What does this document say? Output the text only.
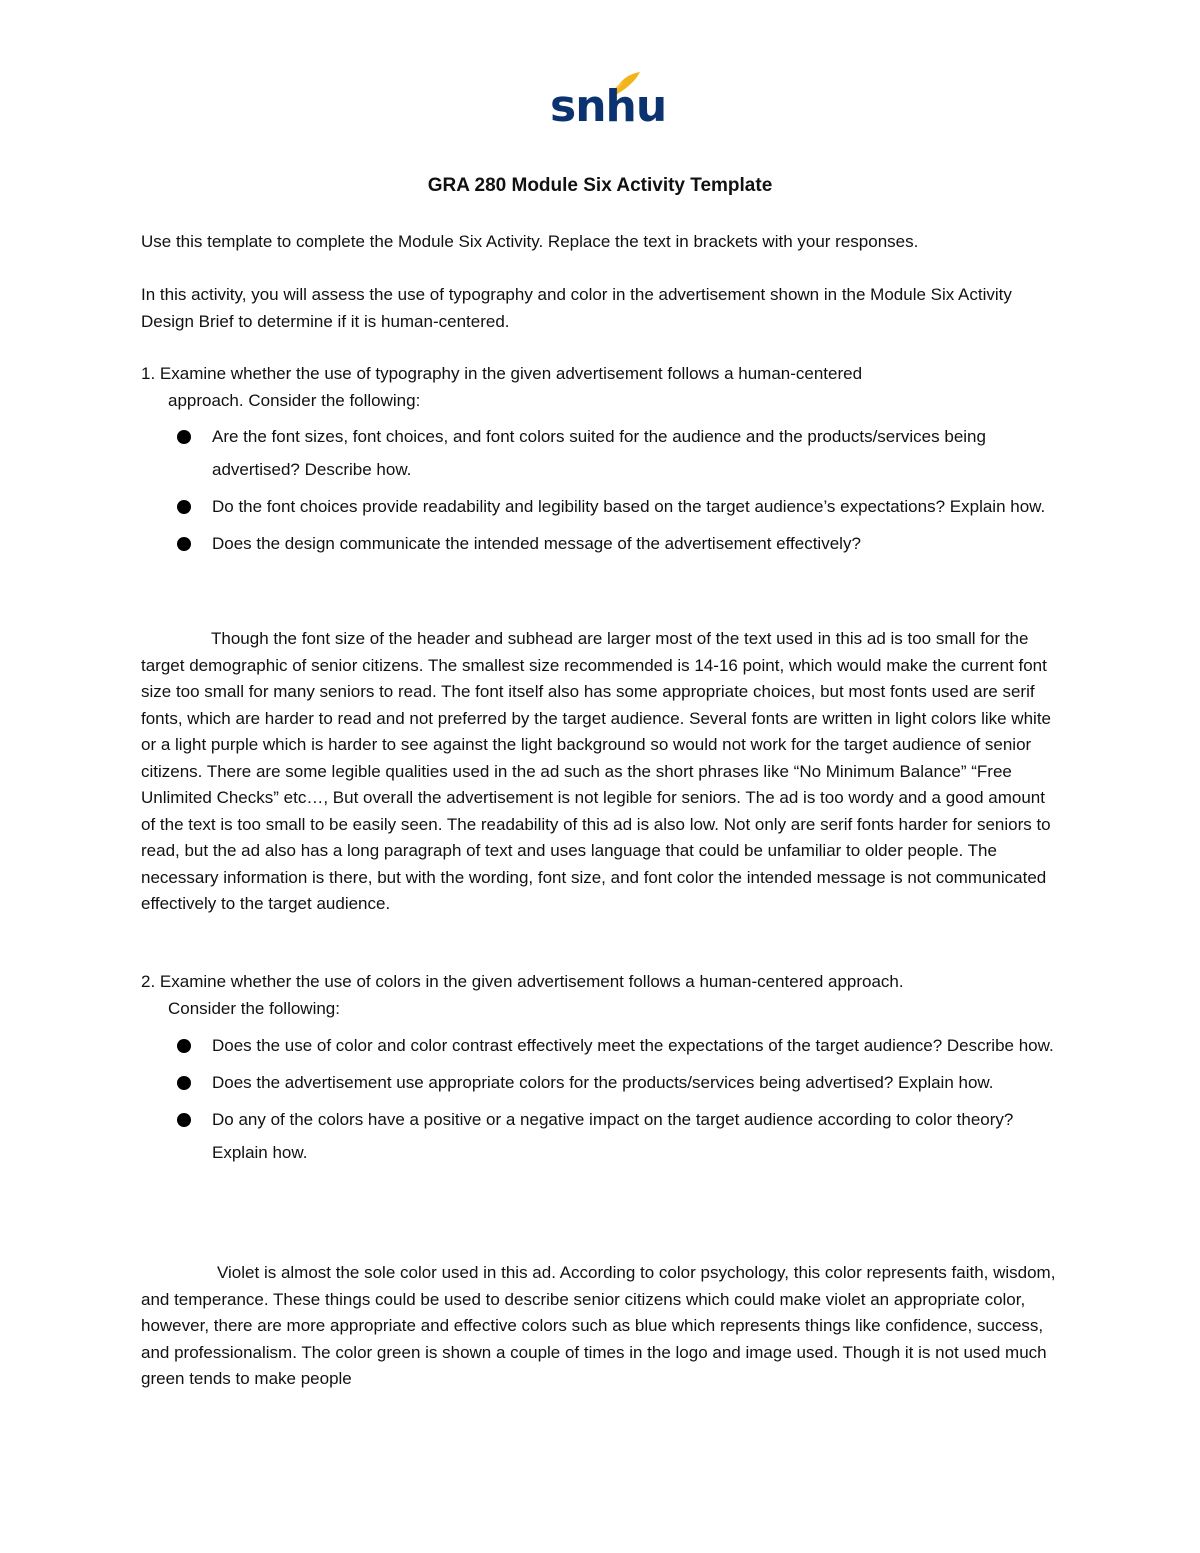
snhu
GRA 280 Module Six Activity Template

Use this template to complete the Module Six Activity. Replace the text in brackets with your responses.

In this activity, you will assess the use of typography and color in the advertisement shown in the Module Six Activity Design Brief to determine if it is human-centered.

1. Examine whether the use of typography in the given advertisement follows a human-centered
approach. Consider the following:
Are the font sizes, font choices, and font colors suited for the audience and the products/services being advertised? Describe how.
Do the font choices provide readability and legibility based on the target audience’s expectations? Explain how.
Does the design communicate the intended message of the advertisement effectively?

Though the font size of the header and subhead are larger most of the text used in this ad is too small for the target demographic of senior citizens. The smallest size recommended is 14-16 point, which would make the current font size too small for many seniors to read. The font itself also has some appropriate choices, but most fonts used are serif fonts, which are harder to read and not preferred by the target audience. Several fonts are written in light colors like white or a light purple which is harder to see against the light background so would not work for the target audience of senior citizens. There are some legible qualities used in the ad such as the short phrases like “No Minimum Balance” “Free Unlimited Checks” etc…, But overall the advertisement is not legible for seniors. The ad is too wordy and a good amount of the text is too small to be easily seen. The readability of this ad is also low. Not only are serif fonts harder for seniors to read, but the ad also has a long paragraph of text and uses language that could be unfamiliar to older people. The necessary information is there, but with the wording, font size, and font color the intended message is not communicated effectively to the target audience.

2. Examine whether the use of colors in the given advertisement follows a human-centered approach.
Consider the following:
Does the use of color and color contrast effectively meet the expectations of the target audience? Describe how.
Does the advertisement use appropriate colors for the products/services being advertised? Explain how.
Do any of the colors have a positive or a negative impact on the target audience according to color theory? Explain how.

Violet is almost the sole color used in this ad. According to color psychology, this color represents faith, wisdom, and temperance. These things could be used to describe senior citizens which could make violet an appropriate color, however, there are more appropriate and effective colors such as blue which represents things like confidence, success, and professionalism. The color green is shown a couple of times in the logo and image used. Though it is not used much green tends to make people
